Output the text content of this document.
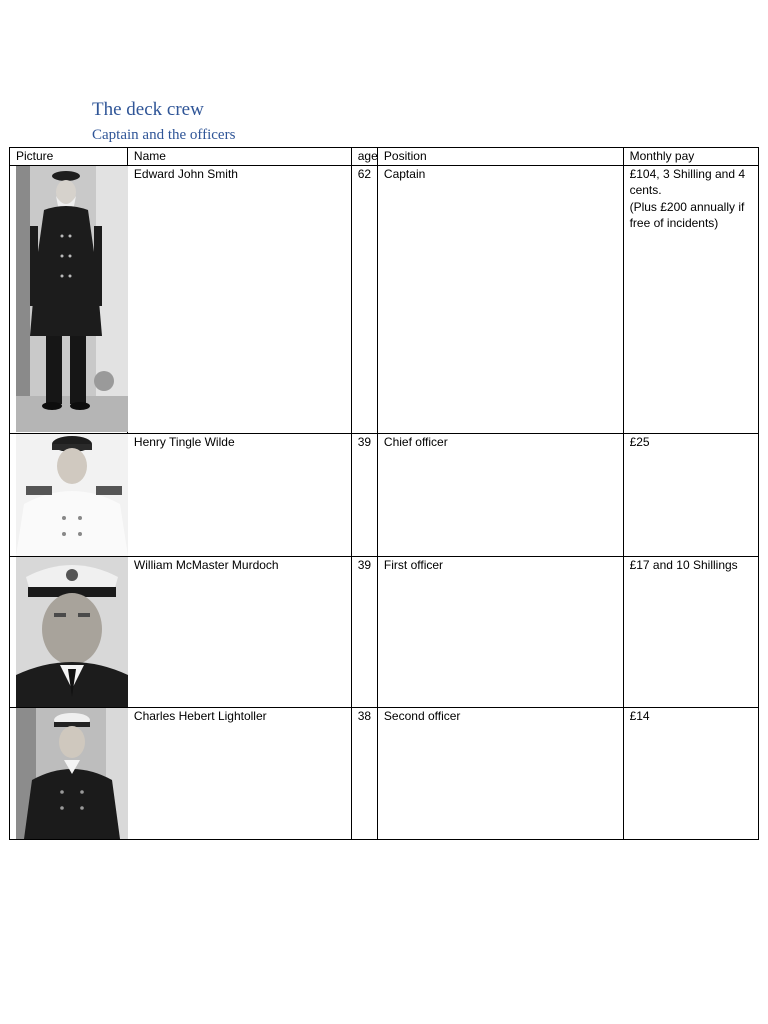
The deck crew
Captain and the officers
Picture	Name	age	Position	Monthly pay

	Edward John Smith	62	Captain	£104, 3 Shilling and 4 cents.
(Plus £200 annually if free of incidents)

	Henry Tingle Wilde	39	Chief officer	£25

	William McMaster Murdoch	39	First officer	£17 and 10 Shillings

	Charles Hebert Lightoller	38	Second officer	£14
